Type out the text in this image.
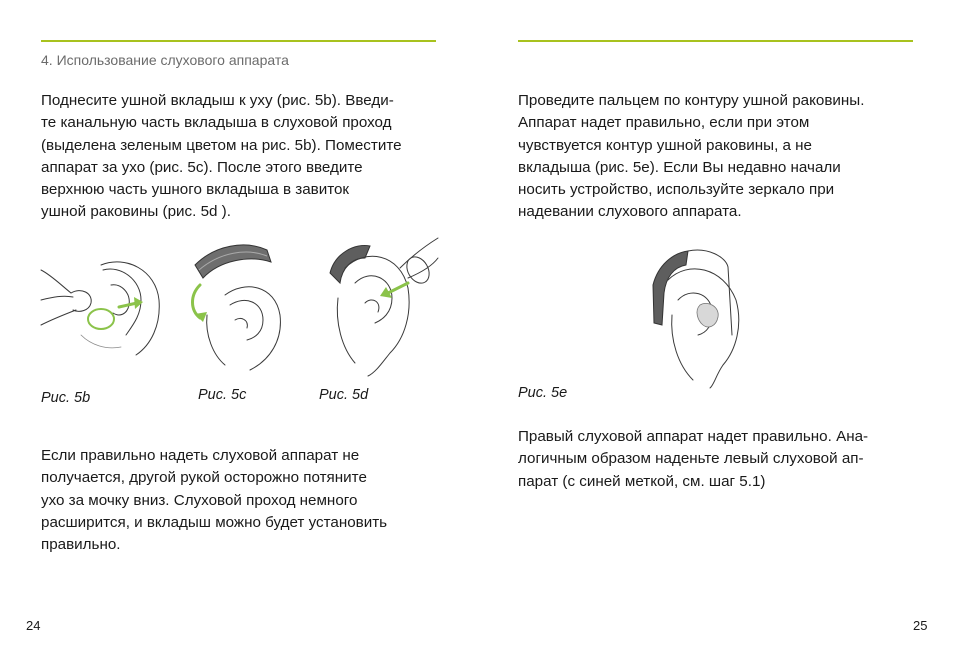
4. Использование слухового аппарата

Поднесите ушной вкладыш к уху (рис. 5b). Введи-
те канальную часть вкладыша в слуховой проход
(выделена зеленым цветом на рис. 5b). Поместите
аппарат за ухо (рис. 5c). После этого введите
верхнюю часть ушного вкладыша в завиток
ушной раковины (рис. 5d ).

Рис. 5b	Рис. 5c	Рис. 5d

Если правильно надеть слуховой аппарат не
получается, другой рукой осторожно потяните
ухо за мочку вниз. Слуховой проход немного
расширится, и вкладыш можно будет установить
правильно.

24

Проведите пальцем по контуру ушной раковины.
Аппарат надет правильно, если при этом
чувствуется контур ушной раковины, а не
вкладыша (рис. 5e). Если Вы недавно начали
носить устройство, используйте зеркало при
надевании слухового аппарата.

Рис. 5e

Правый слуховой аппарат надет правильно. Ана-
логичным образом наденьте левый слуховой ап-
парат (с синей меткой, см. шаг 5.1)

25
